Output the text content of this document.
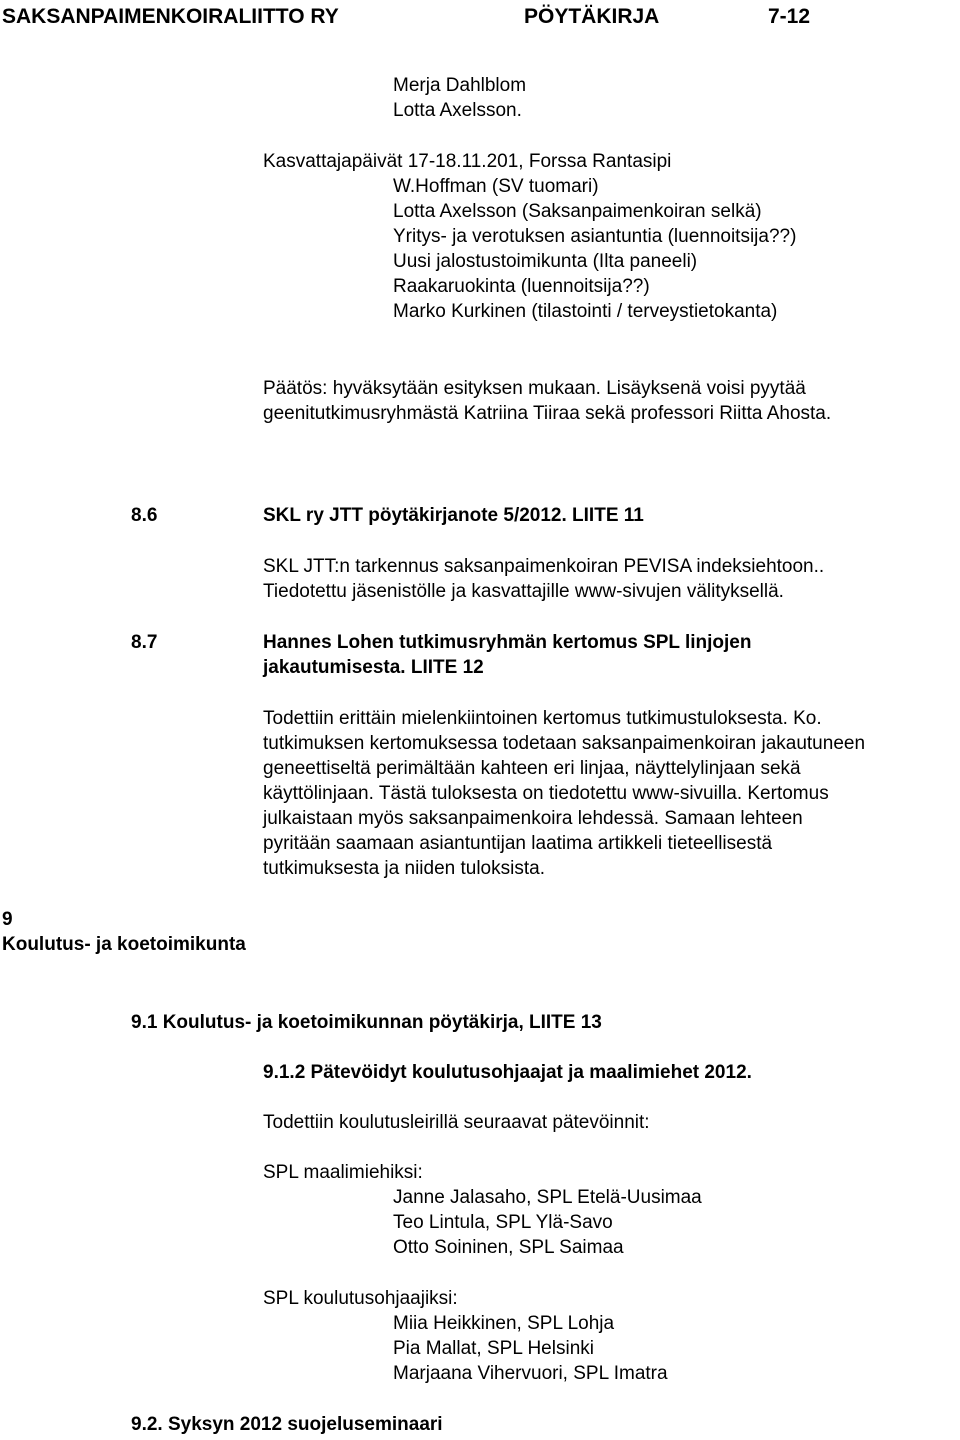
SAKSANPAIMENKOIRALIITTO RY	PÖYTÄKIRJA	7-12
Merja Dahlblom
Lotta Axelsson.
Kasvattajapäivät 17-18.11.201, Forssa Rantasipi
W.Hoffman (SV tuomari)
Lotta Axelsson (Saksanpaimenkoiran selkä)
Yritys- ja verotuksen asiantuntia (luennoitsija??)
Uusi jalostustoimikunta (Ilta paneeli)
Raakaruokinta (luennoitsija??)
Marko Kurkinen (tilastointi / terveystietokanta)
Päätös: hyväksytään esityksen mukaan. Lisäyksenä voisi pyytää
geenitutkimusryhmästä Katriina Tiiraa sekä professori Riitta Ahosta.
8.6	SKL ry JTT pöytäkirjanote 5/2012. LIITE 11
SKL JTT:n tarkennus saksanpaimenkoiran PEVISA indeksiehtoon..
Tiedotettu jäsenistölle ja kasvattajille www-sivujen välityksellä.
8.7	Hannes Lohen tutkimusryhmän kertomus SPL linjojen
jakautumisesta. LIITE 12
Todettiin erittäin mielenkiintoinen kertomus tutkimustuloksesta. Ko.
tutkimuksen kertomuksessa todetaan saksanpaimenkoiran jakautuneen
geneettiseltä perimältään kahteen eri linjaa, näyttelylinjaan sekä
käyttölinjaan. Tästä tuloksesta on tiedotettu www-sivuilla. Kertomus
julkaistaan myös saksanpaimenkoira lehdessä. Samaan lehteen
pyritään saamaan asiantuntijan laatima artikkeli tieteellisestä
tutkimuksesta ja niiden tuloksista.
9
Koulutus- ja koetoimikunta
9.1 Koulutus- ja koetoimikunnan pöytäkirja, LIITE 13
9.1.2 Pätevöidyt koulutusohjaajat ja maalimiehet 2012.
Todettiin koulutusleirillä seuraavat pätevöinnit:
SPL maalimiehiksi:
Janne Jalasaho, SPL Etelä-Uusimaa
Teo Lintula, SPL Ylä-Savo
Otto Soininen, SPL Saimaa
SPL koulutusohjaajiksi:
Miia Heikkinen, SPL Lohja
Pia Mallat, SPL Helsinki
Marjaana Vihervuori, SPL Imatra
9.2. Syksyn 2012 suojeluseminaari
